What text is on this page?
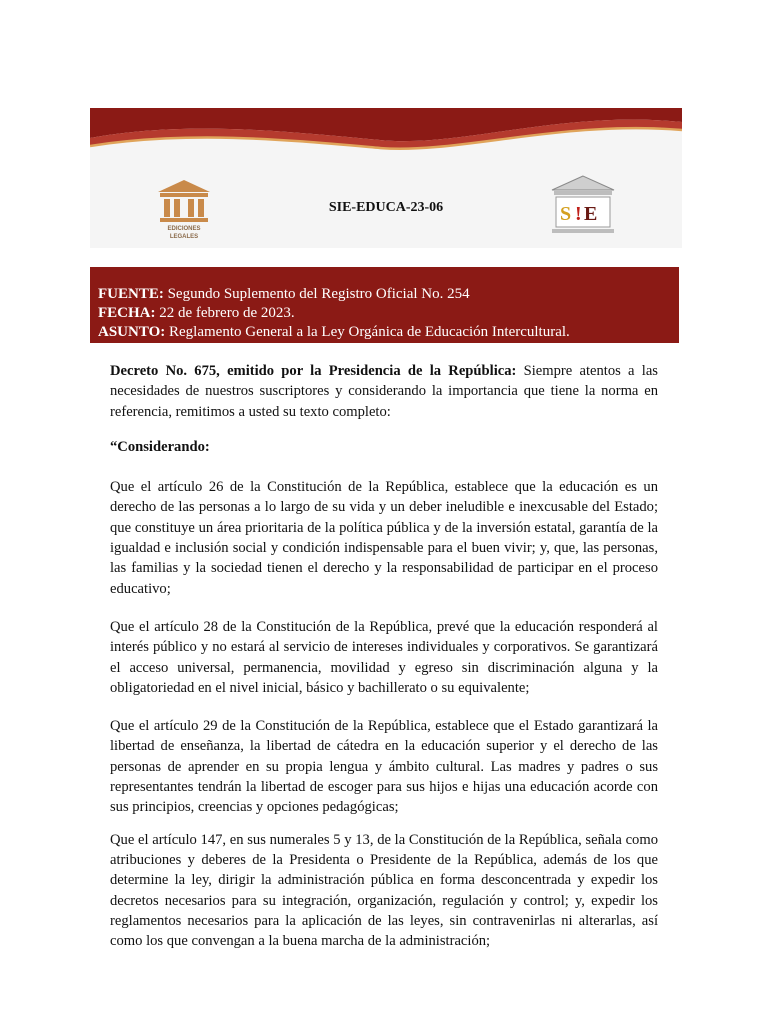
EDICIONES
LEGALES
SIE-EDUCA-23-06	S ! E
FUENTE: Segundo Suplemento del Registro Oficial No. 254
FECHA: 22 de febrero de 2023.
ASUNTO: Reglamento General a la Ley Orgánica de Educación Intercultural.

Decreto No. 675, emitido por la Presidencia de la República: Siempre atentos a las necesidades de nuestros suscriptores y considerando la importancia que tiene la norma en referencia, remitimos a usted su texto completo:

“Considerando:

Que el artículo 26 de la Constitución de la República, establece que la educación es un derecho de las personas a lo largo de su vida y un deber ineludible e inexcusable del Estado; que constituye un área prioritaria de la política pública y de la inversión estatal, garantía de la igualdad e inclusión social y condición indispensable para el buen vivir; y, que, las personas, las familias y la sociedad tienen el derecho y la responsabilidad de participar en el proceso educativo;

Que el artículo 28 de la Constitución de la República, prevé que la educación responderá al interés público y no estará al servicio de intereses individuales y corporativos. Se garantizará el acceso universal, permanencia, movilidad y egreso sin discriminación alguna y la obligatoriedad en el nivel inicial, básico y bachillerato o su equivalente;

Que el artículo 29 de la Constitución de la República, establece que el Estado garantizará la libertad de enseñanza, la libertad de cátedra en la educación superior y el derecho de las personas de aprender en su propia lengua y ámbito cultural. Las madres y padres o sus representantes tendrán la libertad de escoger para sus hijos e hijas una educación acorde con sus principios, creencias y opciones pedagógicas;

Que el artículo 147, en sus numerales 5 y 13, de la Constitución de la República, señala como atribuciones y deberes de la Presidenta o Presidente de la República, además de los que determine la ley, dirigir la administración pública en forma desconcentrada y expedir los decretos necesarios para su integración, organización, regulación y control; y, expedir los reglamentos necesarios para la aplicación de las leyes, sin contravenirlas ni alterarlas, así como los que convengan a la buena marcha de la administración;
